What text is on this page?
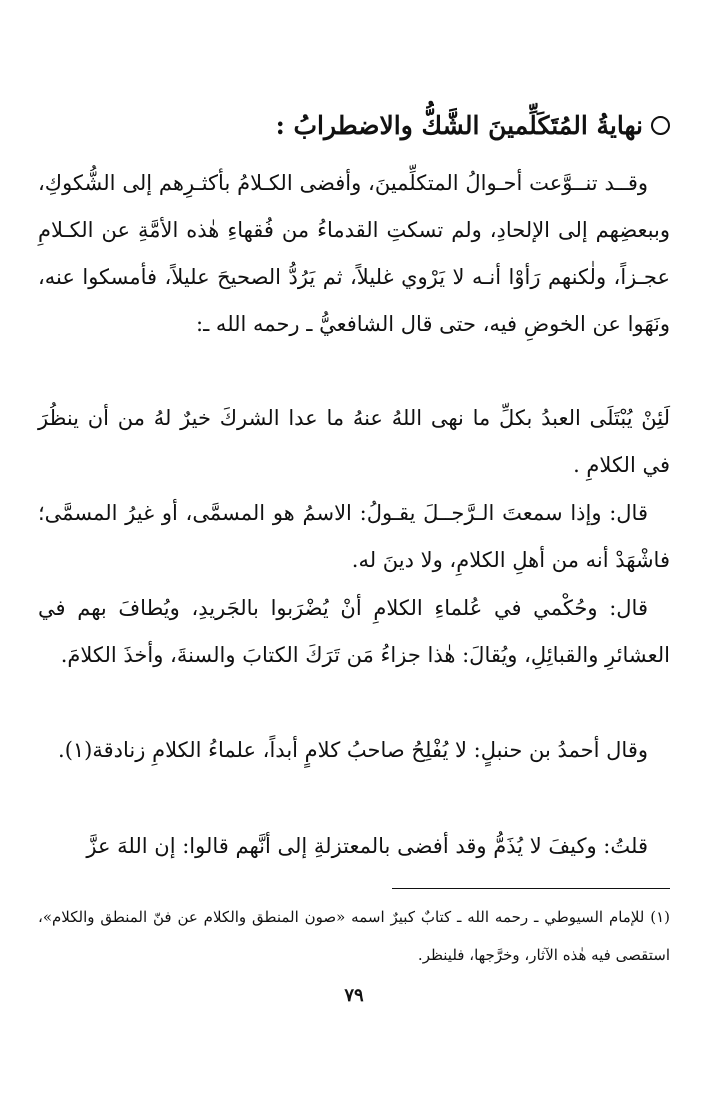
نهايةُ المُتَكَلِّمينَ الشَّكُّ والاضطرابُ :

وقــد تنــوَّعت أحـوالُ المتكلِّمينَ، وأفضى الكـلامُ بأكثـرِهم إلى الشُّكوكِ، وببعضِهم إلى الإلحادِ، ولم تسكتِ القدماءُ من فُقهاءِ هٰذه الأمَّةِ عن الكـلامِ عجـزاً، ولٰكنهم رَأوْا أنـه لا يَرْوي غليلاً، ثم يَرُدُّ الصحيحَ عليلاً، فأمسكوا عنه، ونَهَوا عن الخوضِ فيه، حتى قال الشافعيُّ ـ رحمه الله ـ:

لَئِنْ يُبْتَلَى العبدُ بكلِّ ما نهى اللهُ عنهُ ما عدا الشركَ خيرٌ لهُ من أن ينظُرَ في الكلامِ .

قال: وإذا سمعتَ الـرَّجــلَ يقـولُ: الاسمُ هو المسمَّى، أو غيرُ المسمَّى؛ فاشْهَدْ أنه من أهلِ الكلامِ، ولا دينَ له.

قال: وحُكْمي في عُلماءِ الكلامِ أنْ يُضْرَبوا بالجَريدِ، ويُطافَ بهم في العشائرِ والقبائِلِ، ويُقالَ: هٰذا جزاءُ مَن تَرَكَ الكتابَ والسنةَ، وأخذَ الكلامَ.

وقال أحمدُ بن حنبلٍ: لا يُفْلِحُ صاحبُ كلامٍ أبداً، علماءُ الكلامِ زنادقة(١).

قلتُ: وكيفَ لا يُذَمُّ وقد أفضى بالمعتزلةِ إلى أنَّهم قالوا: إن اللهَ عزَّ

(١) للإمام السيوطي ـ رحمه الله ـ كتابٌ كبيرٌ اسمه «صون المنطق والكلام عن فنّ المنطق والكلام»، استقصى فيه هٰذه الآثار، وخرَّجها، فلينظر.

٧٩
